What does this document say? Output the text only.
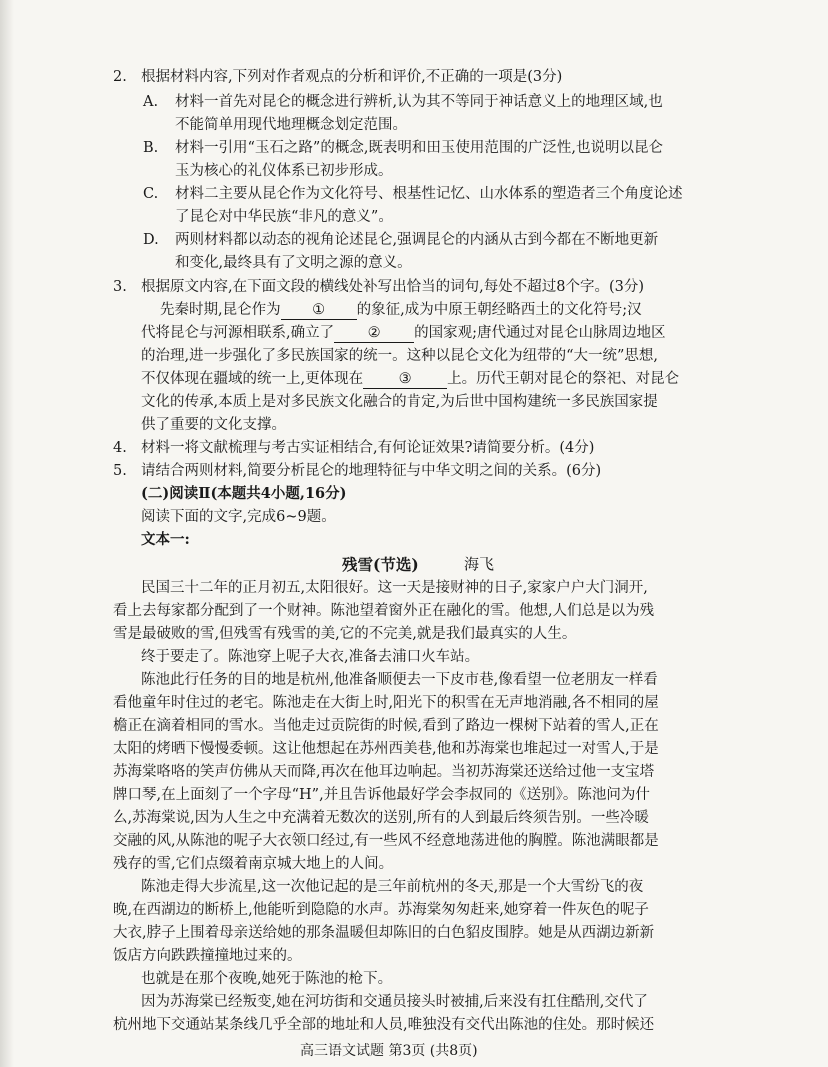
2. 根据材料内容,下列对作者观点的分析和评价,不正确的一项是(3分)
A. 材料一首先对昆仑的概念进行辨析,认为其不等同于神话意义上的地理区域,也
不能简单用现代地理概念划定范围。
B. 材料一引用“玉石之路”的概念,既表明和田玉使用范围的广泛性,也说明以昆仑
玉为核心的礼仪体系已初步形成。
C. 材料二主要从昆仑作为文化符号、根基性记忆、山水体系的塑造者三个角度论述
了昆仑对中华民族“非凡的意义”。
D. 两则材料都以动态的视角论述昆仑,强调昆仑的内涵从古到今都在不断地更新
和变化,最终具有了文明之源的意义。
3. 根据原文内容,在下面文段的横线处补写出恰当的词句,每处不超过8个字。(3分)
先秦时期,昆仑作为 ① 的象征,成为中原王朝经略西土的文化符号;汉
代将昆仑与河源相联系,确立了 ② 的国家观;唐代通过对昆仑山脉周边地区
的治理,进一步强化了多民族国家的统一。这种以昆仑文化为纽带的“大一统”思想,
不仅体现在疆域的统一上,更体现在 ③ 上。历代王朝对昆仑的祭祀、对昆仑
文化的传承,本质上是对多民族文化融合的肯定,为后世中国构建统一多民族国家提
供了重要的文化支撑。
4. 材料一将文献梳理与考古实证相结合,有何论证效果?请简要分析。(4分)
5. 请结合两则材料,简要分析昆仑的地理特征与中华文明之间的关系。(6分)
(二)阅读Ⅱ(本题共4小题,16分)
阅读下面的文字,完成6~9题。
文本一:
残雪(节选)	海飞
民国三十二年的正月初五,太阳很好。这一天是接财神的日子,家家户户大门洞开,
看上去每家都分配到了一个财神。陈池望着窗外正在融化的雪。他想,人们总是以为残
雪是最破败的雪,但残雪有残雪的美,它的不完美,就是我们最真实的人生。
终于要走了。陈池穿上呢子大衣,准备去浦口火车站。
陈池此行任务的目的地是杭州,他准备顺便去一下皮市巷,像看望一位老朋友一样看
看他童年时住过的老宅。陈池走在大街上时,阳光下的积雪在无声地消融,各不相同的屋
檐正在滴着相同的雪水。当他走过贡院街的时候,看到了路边一棵树下站着的雪人,正在
太阳的烤晒下慢慢委顿。这让他想起在苏州西美巷,他和苏海棠也堆起过一对雪人,于是
苏海棠咯咯的笑声仿佛从天而降,再次在他耳边响起。当初苏海棠还送给过他一支宝塔
牌口琴,在上面刻了一个字母“H”,并且告诉他最好学会李叔同的《送别》。陈池问为什
么,苏海棠说,因为人生之中充满着无数次的送别,所有的人到最后终须告别。一些冷暖
交融的风,从陈池的呢子大衣领口经过,有一些风不经意地荡进他的胸膛。陈池满眼都是
残存的雪,它们点缀着南京城大地上的人间。
陈池走得大步流星,这一次他记起的是三年前杭州的冬天,那是一个大雪纷飞的夜
晚,在西湖边的断桥上,他能听到隐隐的水声。苏海棠匆匆赶来,她穿着一件灰色的呢子
大衣,脖子上围着母亲送给她的那条温暖但却陈旧的白色貂皮围脖。她是从西湖边新新
饭店方向跌跌撞撞地过来的。
也就是在那个夜晚,她死于陈池的枪下。
因为苏海棠已经叛变,她在河坊街和交通员接头时被捕,后来没有扛住酷刑,交代了
杭州地下交通站某条线几乎全部的地址和人员,唯独没有交代出陈池的住处。那时候还
高三语文试题 第3页 (共8页)
